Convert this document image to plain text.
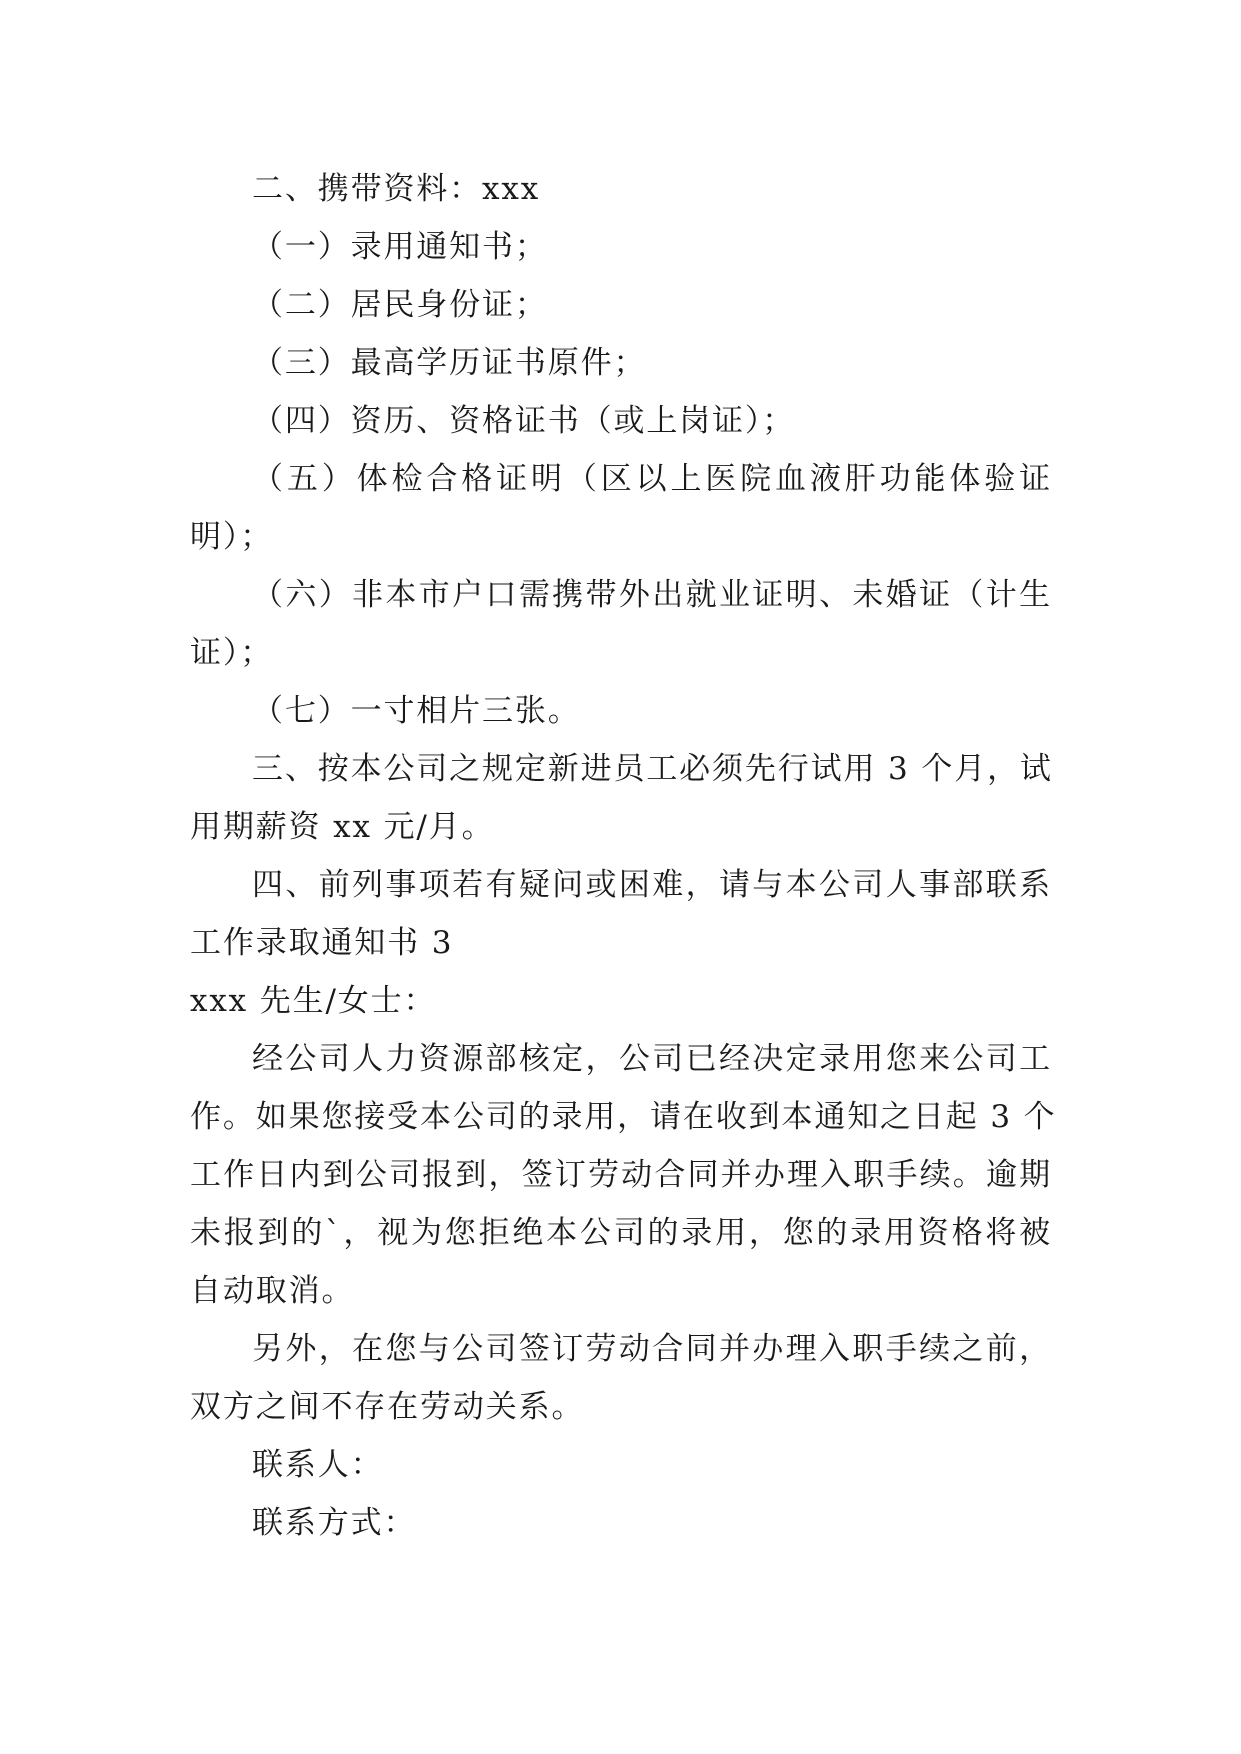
二、携带资料：xxx
（一）录用通知书；
（二）居民身份证；
（三）最高学历证书原件；
（四）资历、资格证书（或上岗证）；
（五）体检合格证明（区以上医院血液肝功能体验证
明）；
（六）非本市户口需携带外出就业证明、未婚证（计生
证）；
（七）一寸相片三张。
三、按本公司之规定新进员工必须先行试用 3 个月，试
用期薪资 xx 元/月。
四、前列事项若有疑问或困难，请与本公司人事部联系
工作录取通知书 3
xxx 先生/女士：
经公司人力资源部核定，公司已经决定录用您来公司工
作。如果您接受本公司的录用，请在收到本通知之日起 3 个
工作日内到公司报到，签订劳动合同并办理入职手续。逾期
未报到的`，视为您拒绝本公司的录用，您的录用资格将被
自动取消。
另外，在您与公司签订劳动合同并办理入职手续之前，
双方之间不存在劳动关系。
联系人：
联系方式：
